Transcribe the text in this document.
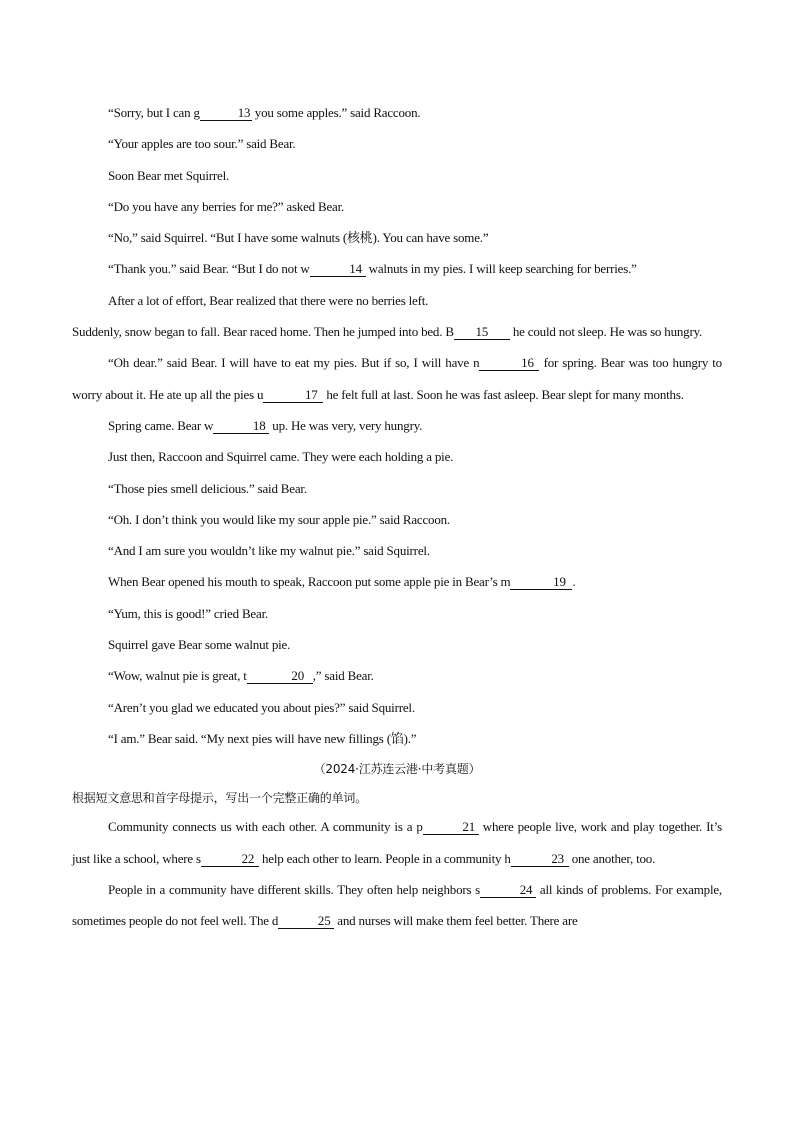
“Sorry, but I can g	13 you some apples.” said Raccoon.

“Your apples are too sour.” said Bear.

Soon Bear met Squirrel.

“Do you have any berries for me?” asked Bear.

“No,” said Squirrel. “But I have some walnuts (核桃). You can have some.”

“Thank you.” said Bear. “But I do not w	14 walnuts in my pies. I will keep searching for berries.”

After a lot of effort, Bear realized that there were no berries left.

Suddenly, snow began to fall. Bear raced home. Then he jumped into bed. B 15 he could not sleep. He was so hungry.

“Oh dear.” said Bear. I will have to eat my pies. But if so, I will have n	16 for spring. Bear was too hungry to worry about it. He ate up all the pies u	17 he felt full at last. Soon he was fast asleep. Bear slept for many months.

Spring came. Bear w	18 up. He was very, very hungry.

Just then, Raccoon and Squirrel came. They were each holding a pie.

“Those pies smell delicious.” said Bear.

“Oh. I don’t think you would like my sour apple pie.” said Raccoon.

“And I am sure you wouldn’t like my walnut pie.” said Squirrel.

When Bear opened his mouth to speak, Raccoon put some apple pie in Bear’s m	19 .

“Yum, this is good!” cried Bear.

Squirrel gave Bear some walnut pie.

“Wow, walnut pie is great, t	20 ,” said Bear.

“Aren’t you glad we educated you about pies?” said Squirrel.

“I am.” Bear said. “My next pies will have new fillings (馅).”

（2024·江苏连云港·中考真题）

根据短文意思和首字母提示，写出一个完整正确的单词。

Community connects us with each other. A community is a p	21 where people live, work and play together. It’s just like a school, where s	22 help each other to learn. People in a community h	23 one another, too.

People in a community have different skills. They often help neighbors s	24 all kinds of problems. For example, sometimes people do not feel well. The d	25 and nurses will make them feel better. There are
